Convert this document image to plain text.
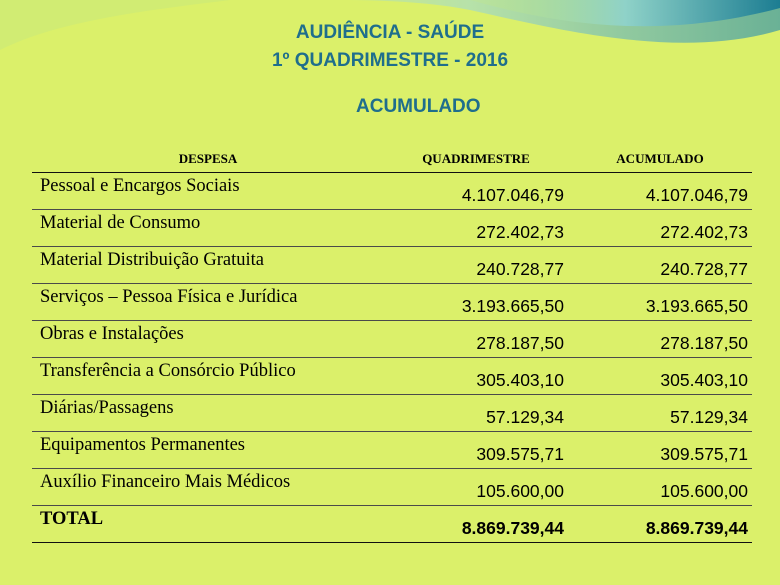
AUDIÊNCIA - SAÚDE
1º QUADRIMESTRE - 2016
ACUMULADO
DESPESA	QUADRIMESTRE	ACUMULADO
Pessoal e Encargos Sociais	4.107.046,79	4.107.046,79
Material de Consumo	272.402,73	272.402,73
Material Distribuição Gratuita	240.728,77	240.728,77
Serviços – Pessoa Física e Jurídica	3.193.665,50	3.193.665,50
Obras e Instalações	278.187,50	278.187,50
Transferência a Consórcio Público	305.403,10	305.403,10
Diárias/Passagens	57.129,34	57.129,34
Equipamentos Permanentes	309.575,71	309.575,71
Auxílio Financeiro Mais Médicos	105.600,00	105.600,00
TOTAL	8.869.739,44	8.869.739,44
